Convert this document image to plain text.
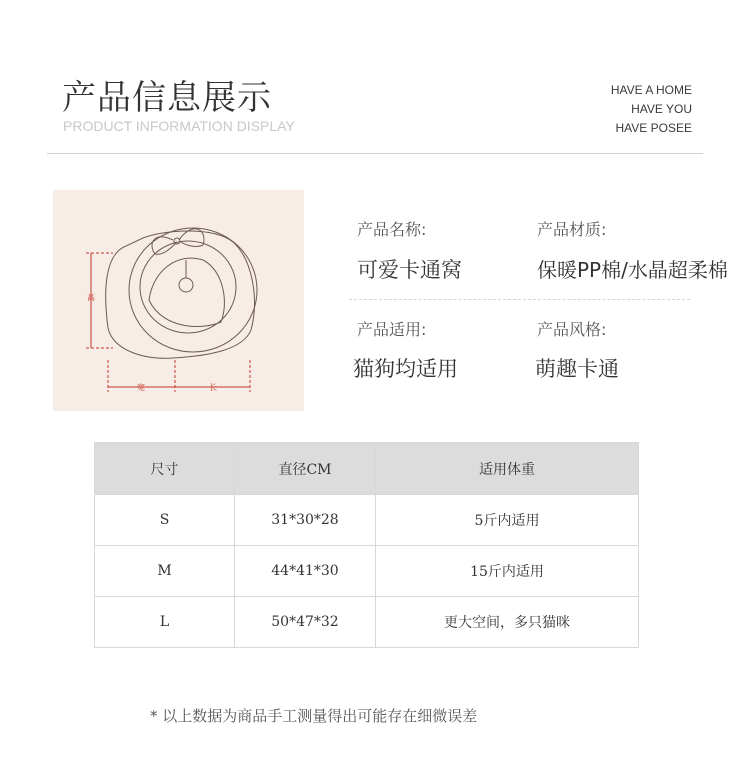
产品信息展示
PRODUCT INFORMATION DISPLAY
HAVE A HOME
HAVE YOU
HAVE POSEE
高
宽	长
产品名称:
可爱卡通窝
产品材质:
保暖PP棉/水晶超柔棉
产品适用:
猫狗均适用
产品风格:
萌趣卡通
尺寸	直径CM	适用体重
S	31*30*28	5斤内适用
M	44*41*30	15斤内适用
L	50*47*32	更大空间，多只猫咪
* 以上数据为商品手工测量得出可能存在细微误差
